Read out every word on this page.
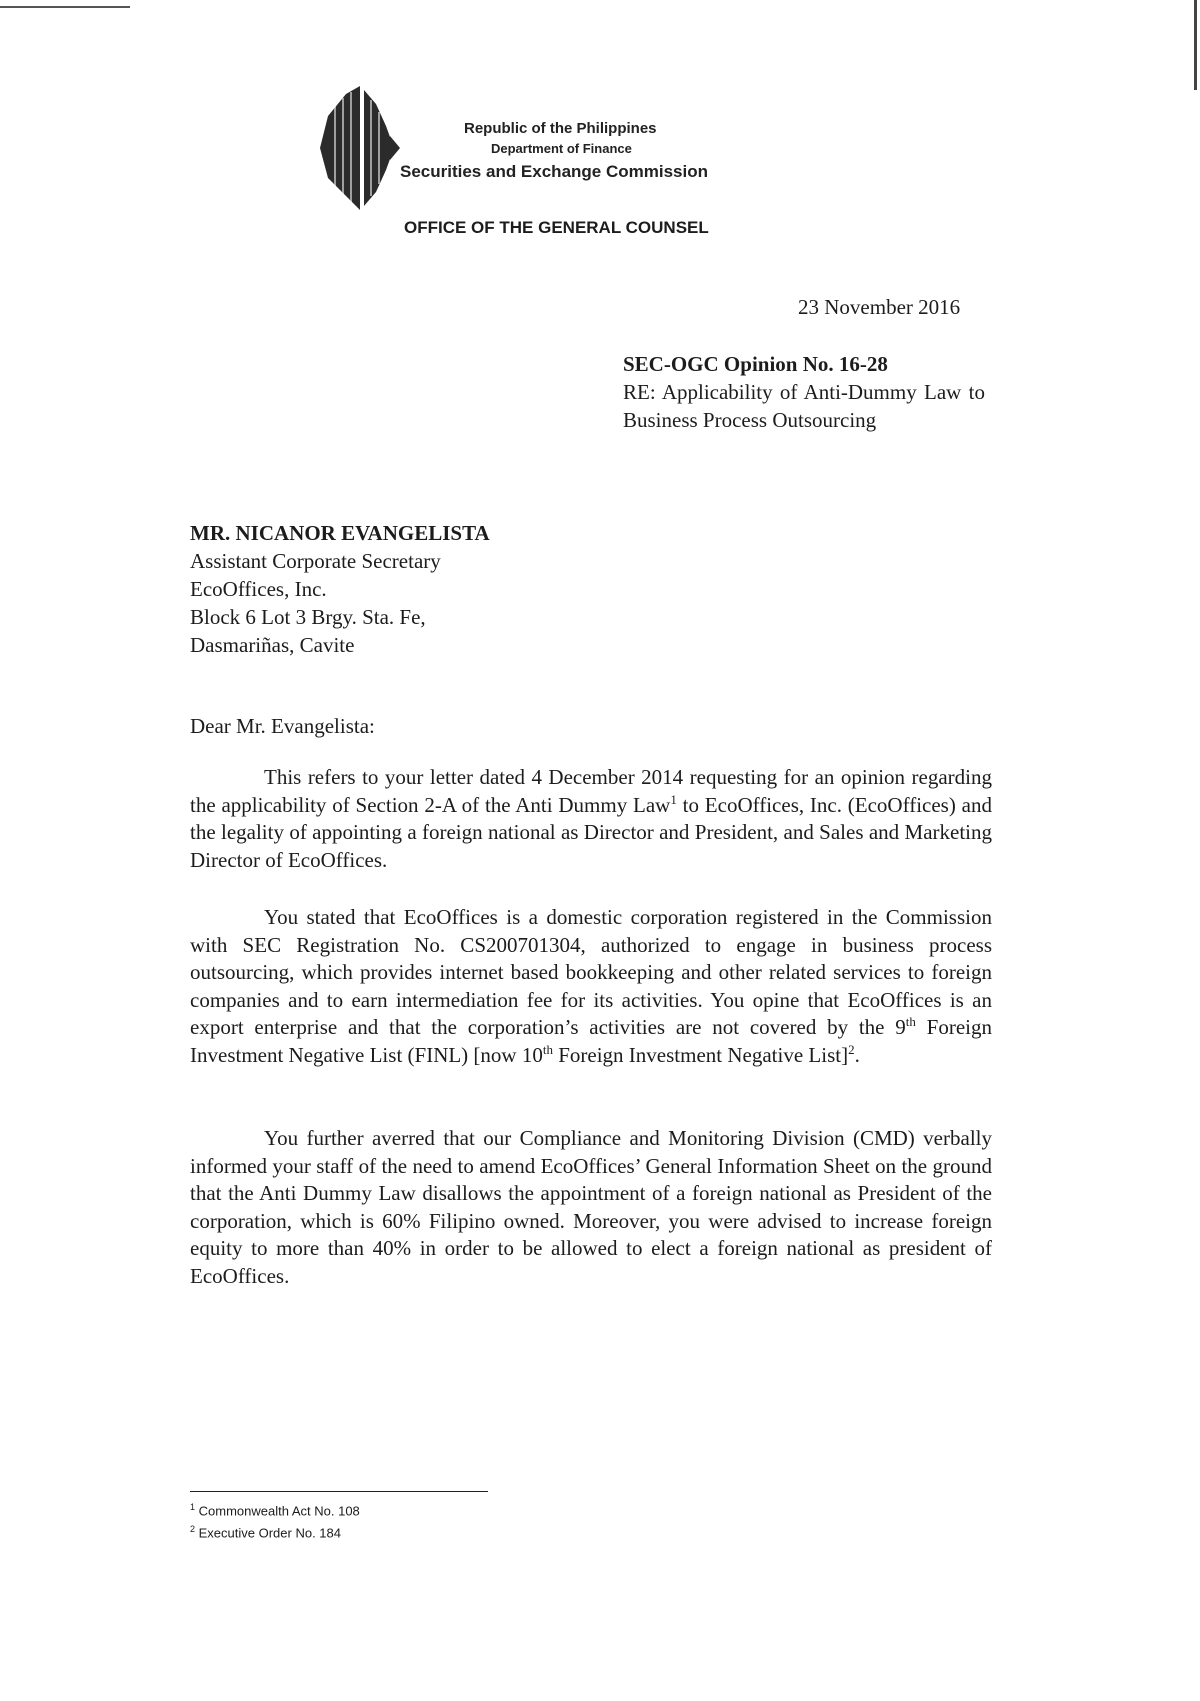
Republic of the Philippines
Department of Finance
Securities and Exchange Commission
OFFICE OF THE GENERAL COUNSEL
23 November 2016
SEC-OGC Opinion No. 16-28
RE: Applicability of Anti-Dummy Law to Business Process Outsourcing
MR. NICANOR EVANGELISTA
Assistant Corporate Secretary
EcoOffices, Inc.
Block 6 Lot 3 Brgy. Sta. Fe,
Dasmariñas, Cavite
Dear Mr. Evangelista:

This refers to your letter dated 4 December 2014 requesting for an opinion regarding the applicability of Section 2-A of the Anti Dummy Law$^1$ to EcoOffices, Inc. (EcoOffices) and the legality of appointing a foreign national as Director and President, and Sales and Marketing Director of EcoOffices.

You stated that EcoOffices is a domestic corporation registered in the Commission with SEC Registration No. CS200701304, authorized to engage in business process outsourcing, which provides internet based bookkeeping and other related services to foreign companies and to earn intermediation fee for its activities. You opine that EcoOffices is an export enterprise and that the corporation’s activities are not covered by the 9th Foreign Investment Negative List (FINL) [now 10th Foreign Investment Negative List]$^2$.

You further averred that our Compliance and Monitoring Division (CMD) verbally informed your staff of the need to amend EcoOffices’ General Information Sheet on the ground that the Anti Dummy Law disallows the appointment of a foreign national as President of the corporation, which is 60% Filipino owned. Moreover, you were advised to increase foreign equity to more than 40% in order to be allowed to elect a foreign national as president of EcoOffices.

$^1$ Commonwealth Act No. 108
$^2$ Executive Order No. 184
